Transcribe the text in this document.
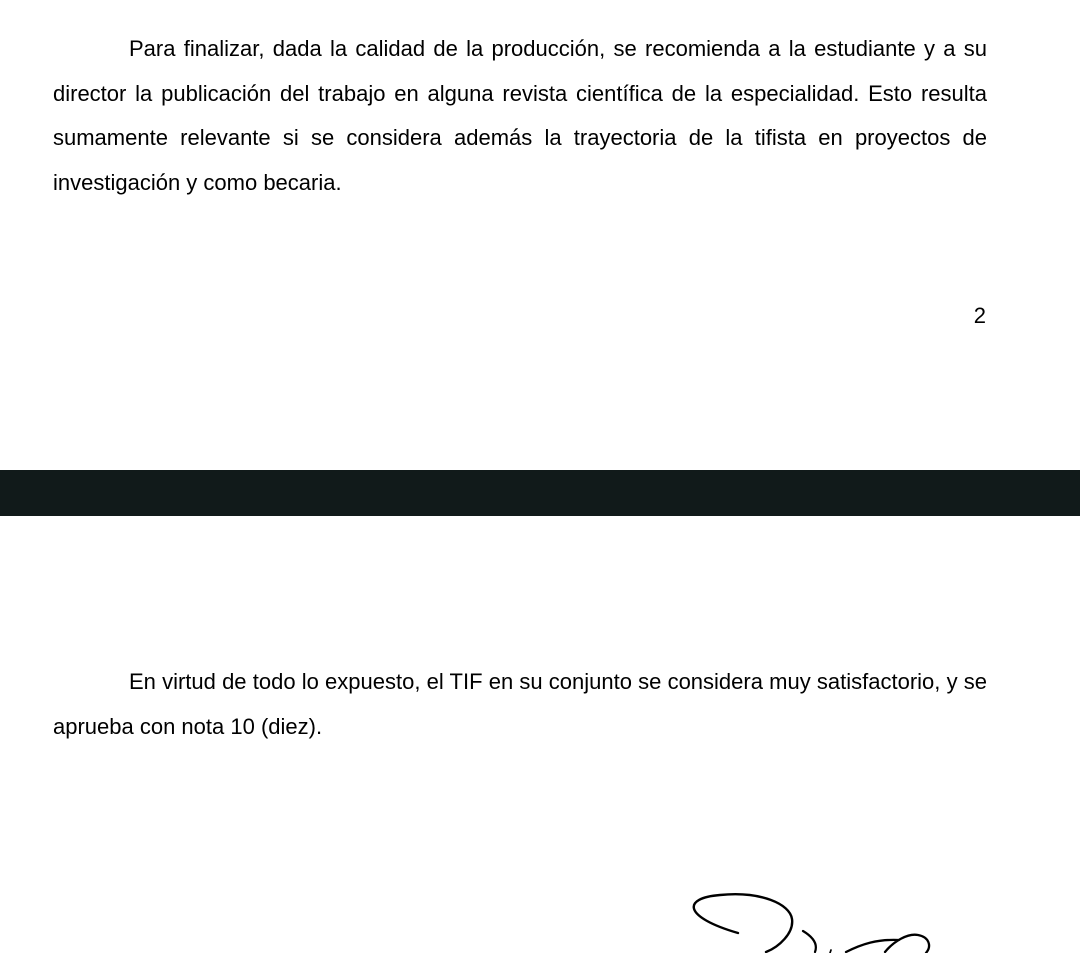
Para finalizar, dada la calidad de la producción, se recomienda a la estudiante y a su director la publicación del trabajo en alguna revista científica de la especialidad. Esto resulta sumamente relevante si se considera además la trayectoria de la tifista en proyectos de investigación y como becaria.

2

En virtud de todo lo expuesto, el TIF en su conjunto se considera muy satisfactorio, y se aprueba con nota 10 (diez).
